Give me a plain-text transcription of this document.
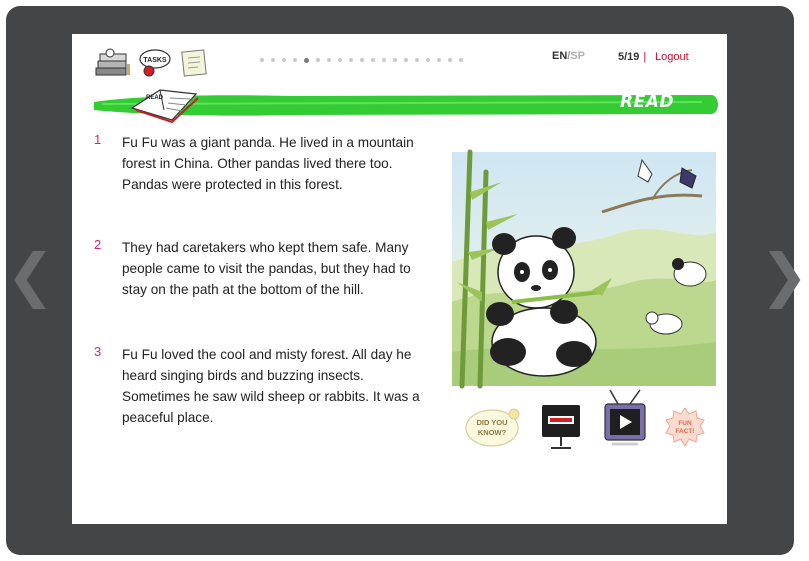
❮	❯
TASKS	EN/SP	5/19 | Logout
READ	READ
1 Fu Fu was a giant panda. He lived in a mountain forest in China. Other pandas lived there too. Pandas were protected in this forest.
2 They had caretakers who kept them safe. Many people came to visit the pandas, but they had to stay on the path at the bottom of the hill.
3 Fu Fu loved the cool and misty forest. All day he heard singing birds and buzzing insects. Sometimes he saw wild sheep or rabbits. It was a peaceful place.	DID YOU
KNOW?
FUN
FACT!
